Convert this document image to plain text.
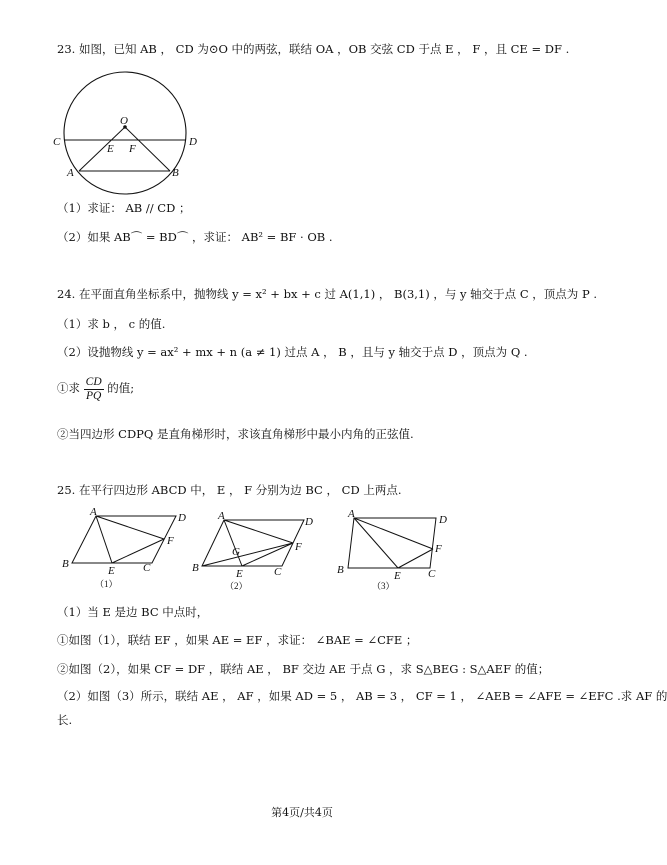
23. 如图，已知 AB ， CD 为⊙O 中的两弦，联结 OA ，OB 交弦 CD 于点 E ， F ，且 CE = DF .
O
C	D
E F
A	B
（1）求证： AB // CD ；
（2）如果 AB⌒ = BD⌒ ，求证： AB² = BF · OB .
24. 在平面直角坐标系中，抛物线 y = x² + bx + c 过 A(1,1) ， B(3,1) ，与 y 轴交于点 C ，顶点为 P .
（1）求 b ， c 的值.
（2）设抛物线 y = ax² + mx + n (a ≠ 1) 过点 A ， B ，且与 y 轴交于点 D ，顶点为 Q .
①求 $\frac{CD}{PQ}$ 的值;
②当四边形 CDPQ 是直角梯形时，求该直角梯形中最小内角的正弦值.
25. 在平行四边形 ABCD 中， E ， F 分别为边 BC ， CD 上两点.
A	D
B	C
E
F
（1）
A	D
B	C
G
E
F
（2）
A	D
B	C
E
F
（3）
（1）当 E 是边 BC 中点时，
①如图（1），联结 EF ，如果 AE = EF ，求证： ∠BAE = ∠CFE ；
②如图（2），如果 CF = DF ，联结 AE ， BF 交边 AE 于点 G ，求 S△BEG : S△AEF 的值；
（2）如图（3）所示，联结 AE ， AF ，如果 AD = 5 ， AB = 3 ， CF = 1 ， ∠AEB = ∠AFE = ∠EFC .求 AF 的
长.
第4页/共4页
